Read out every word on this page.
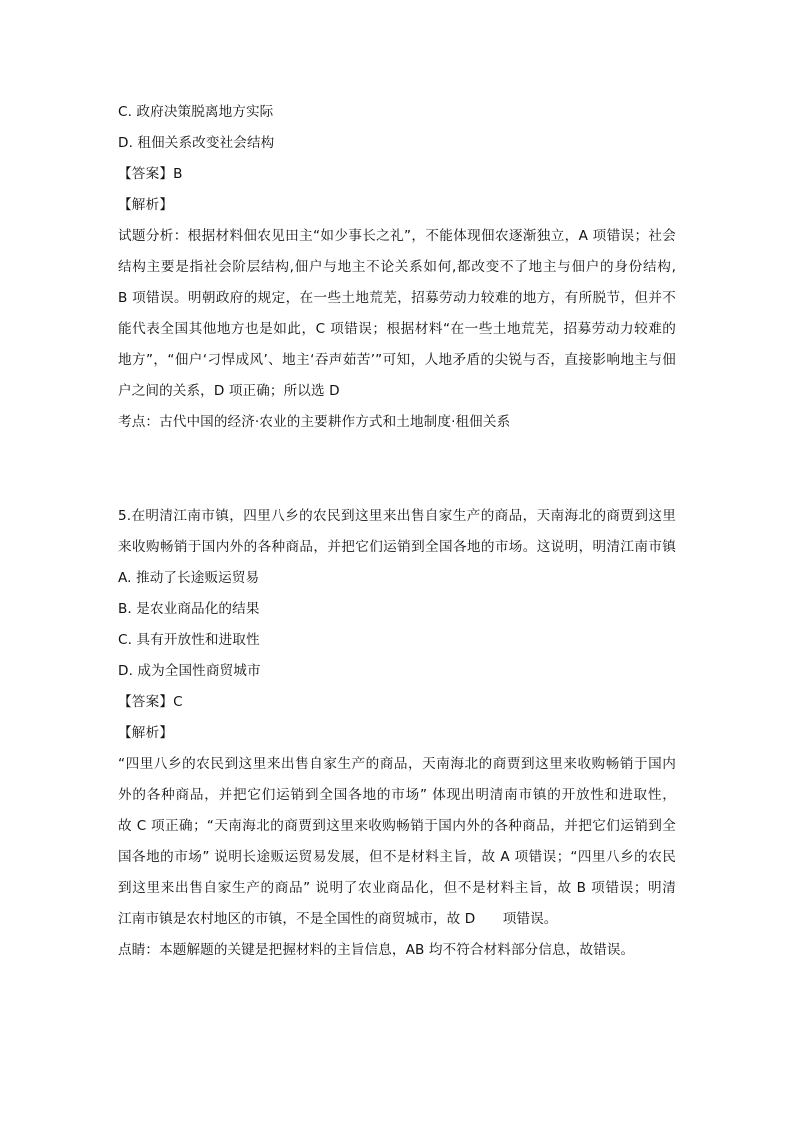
C. 政府决策脱离地方实际
D. 租佃关系改变社会结构
【答案】B
【解析】
试题分析：根据材料佃农见田主“如少事长之礼”，不能体现佃农逐渐独立，A 项错误；社会
结构主要是指社会阶层结构,佃户与地主不论关系如何,都改变不了地主与佃户的身份结构,
B 项错误。明朝政府的规定，在一些土地荒芜，招募劳动力较难的地方，有所脱节，但并不
能代表全国其他地方也是如此，C 项错误；根据材料“在一些土地荒芜，招募劳动力较难的
地方”，“佃户‘刁悍成风’、地主‘吞声茹苦’”可知，人地矛盾的尖锐与否，直接影响地主与佃
户之间的关系，D 项正确；所以选 D
考点：古代中国的经济·农业的主要耕作方式和土地制度·租佃关系
5.在明清江南市镇，四里八乡的农民到这里来出售自家生产的商品，天南海北的商贾到这里
来收购畅销于国内外的各种商品，并把它们运销到全国各地的市场。这说明，明清江南市镇
A. 推动了长途贩运贸易
B. 是农业商品化的结果
C. 具有开放性和进取性
D. 成为全国性商贸城市
【答案】C
【解析】
“四里八乡的农民到这里来出售自家生产的商品，天南海北的商贾到这里来收购畅销于国内
外的各种商品，并把它们运销到全国各地的市场” 体现出明清南市镇的开放性和进取性，
故 C 项正确；“天南海北的商贾到这里来收购畅销于国内外的各种商品，并把它们运销到全
国各地的市场” 说明长途贩运贸易发展，但不是材料主旨，故 A 项错误；“四里八乡的农民
到这里来出售自家生产的商品” 说明了农业商品化，但不是材料主旨，故 B 项错误；明清
江南市镇是农村地区的市镇，不是全国性的商贸城市，故 D　　项错误。
点睛：本题解题的关键是把握材料的主旨信息，AB 均不符合材料部分信息，故错误。
